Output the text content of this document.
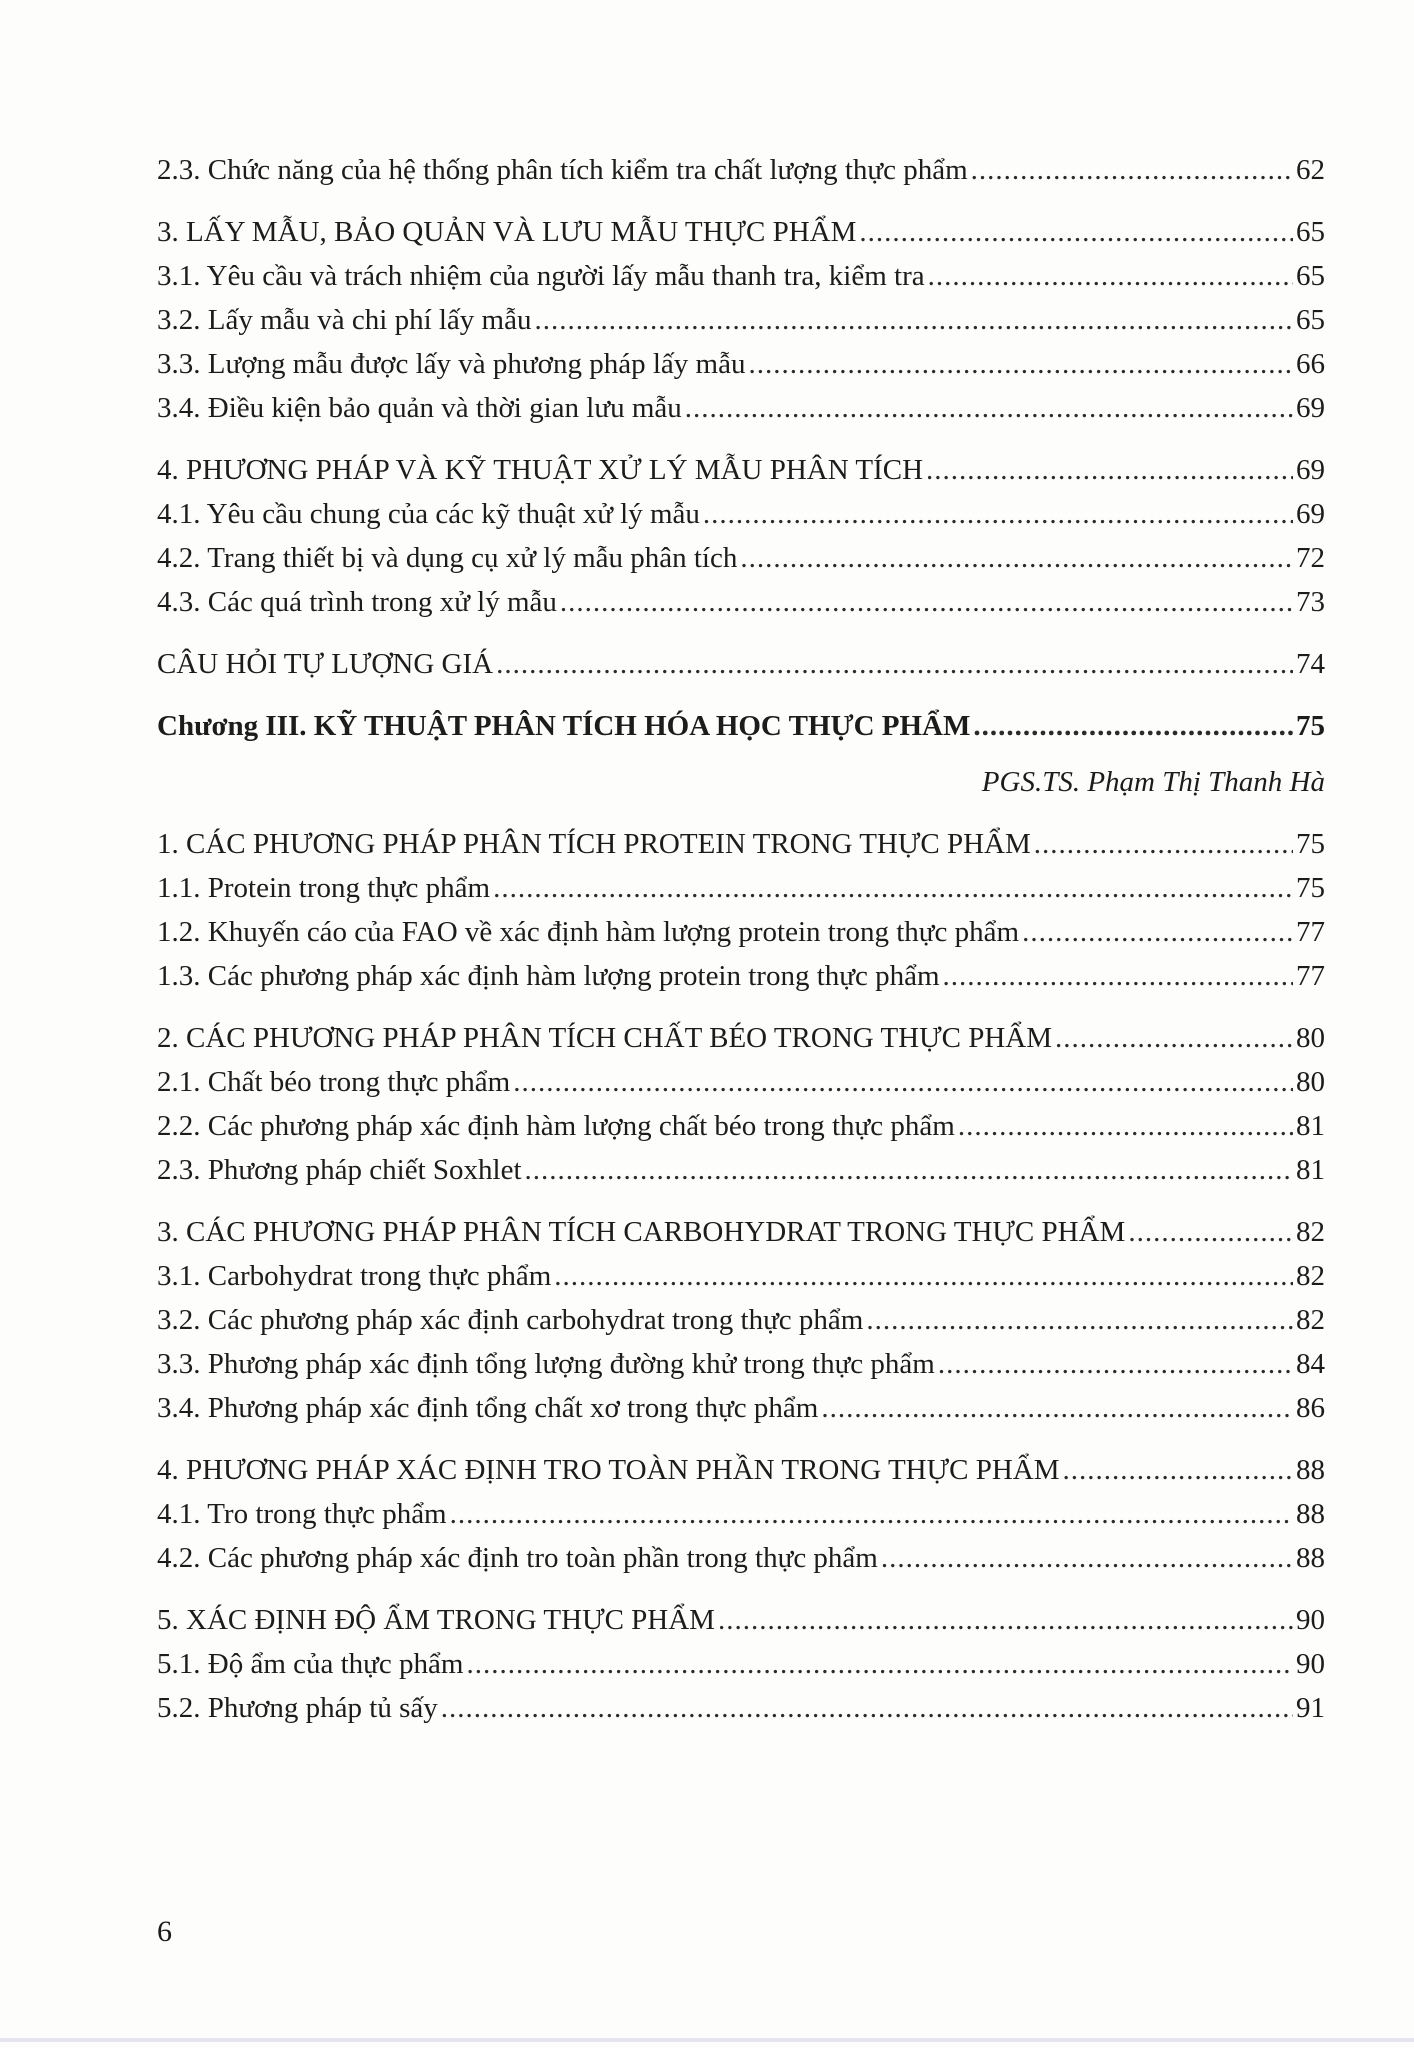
2.3. Chức năng của hệ thống phân tích kiểm tra chất lượng thực phẩm .....	62
3. LẤY MẪU, BẢO QUẢN VÀ LƯU MẪU THỰC PHẨM .....	65
3.1. Yêu cầu và trách nhiệm của người lấy mẫu thanh tra, kiểm tra .....	65
3.2. Lấy mẫu và chi phí lấy mẫu .....	65
3.3. Lượng mẫu được lấy và phương pháp lấy mẫu .....	66
3.4. Điều kiện bảo quản và thời gian lưu mẫu .....	69
4. PHƯƠNG PHÁP VÀ KỸ THUẬT XỬ LÝ MẪU PHÂN TÍCH .....	69
4.1. Yêu cầu chung của các kỹ thuật xử lý mẫu .....	69
4.2. Trang thiết bị và dụng cụ xử lý mẫu phân tích .....	72
4.3. Các quá trình trong xử lý mẫu .....	73
CÂU HỎI TỰ LƯỢNG GIÁ .....	74
Chương III. KỸ THUẬT PHÂN TÍCH HÓA HỌC THỰC PHẨM .....	75
PGS.TS. Phạm Thị Thanh Hà
1. CÁC PHƯƠNG PHÁP PHÂN TÍCH PROTEIN TRONG THỰC PHẨM .....	75
1.1. Protein trong thực phẩm .....	75
1.2. Khuyến cáo của FAO về xác định hàm lượng protein trong thực phẩm .....	77
1.3. Các phương pháp xác định hàm lượng protein trong thực phẩm .....	77
2. CÁC PHƯƠNG PHÁP PHÂN TÍCH CHẤT BÉO TRONG THỰC PHẨM .....	80
2.1. Chất béo trong thực phẩm .....	80
2.2. Các phương pháp xác định hàm lượng chất béo trong thực phẩm .....	81
2.3. Phương pháp chiết Soxhlet .....	81
3. CÁC PHƯƠNG PHÁP PHÂN TÍCH CARBOHYDRAT TRONG THỰC PHẨM .....	82
3.1. Carbohydrat trong thực phẩm .....	82
3.2. Các phương pháp xác định carbohydrat trong thực phẩm .....	82
3.3. Phương pháp xác định tổng lượng đường khử trong thực phẩm .....	84
3.4. Phương pháp xác định tổng chất xơ trong thực phẩm .....	86
4. PHƯƠNG PHÁP XÁC ĐỊNH TRO TOÀN PHẦN TRONG THỰC PHẨM .....	88
4.1. Tro trong thực phẩm .....	88
4.2. Các phương pháp xác định tro toàn phần trong thực phẩm .....	88
5. XÁC ĐỊNH ĐỘ ẨM TRONG THỰC PHẨM .....	90
5.1. Độ ẩm của thực phẩm .....	90
5.2. Phương pháp tủ sấy .....	91
6
